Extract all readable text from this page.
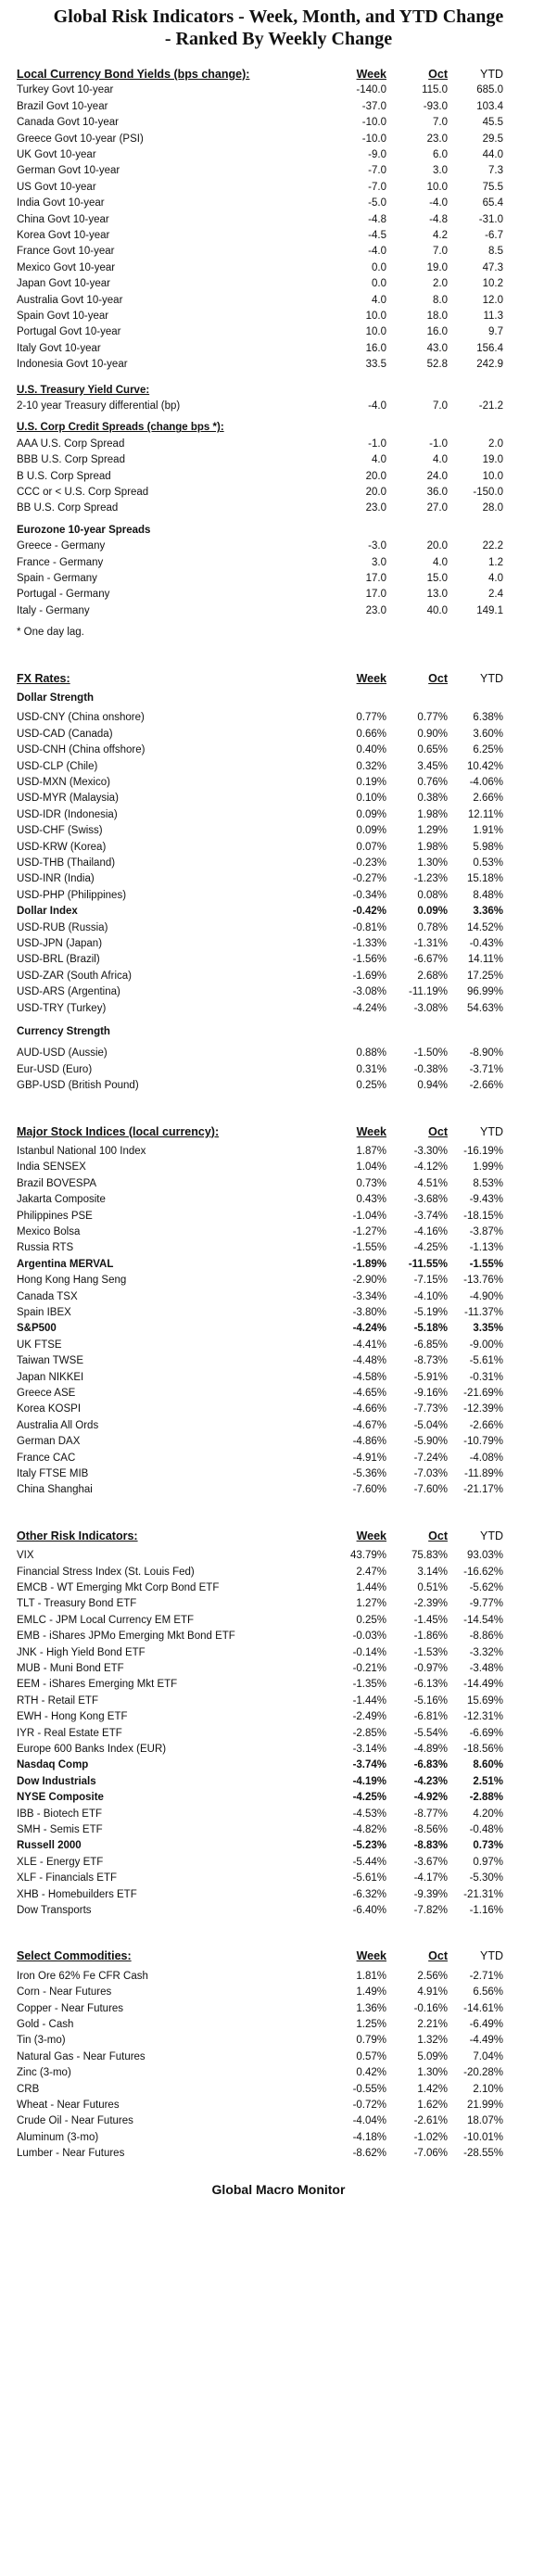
Global Risk Indicators - Week, Month, and YTD Change
- Ranked By Weekly Change
Local Currency Bond Yields (bps change):	Week	Oct	YTD
Turkey Govt 10-year	-140.0	115.0	685.0
Brazil Govt 10-year	-37.0	-93.0	103.4
Canada Govt 10-year	-10.0	7.0	45.5
Greece Govt 10-year (PSI)	-10.0	23.0	29.5
UK Govt 10-year	-9.0	6.0	44.0
German Govt 10-year	-7.0	3.0	7.3
US Govt 10-year	-7.0	10.0	75.5
India Govt 10-year	-5.0	-4.0	65.4
China Govt 10-year	-4.8	-4.8	-31.0
Korea Govt 10-year	-4.5	4.2	-6.7
France Govt 10-year	-4.0	7.0	8.5
Mexico Govt 10-year	0.0	19.0	47.3
Japan Govt 10-year	0.0	2.0	10.2
Australia Govt 10-year	4.0	8.0	12.0
Spain Govt 10-year	10.0	18.0	11.3
Portugal Govt 10-year	10.0	16.0	9.7
Italy Govt 10-year	16.0	43.0	156.4
Indonesia Govt 10-year	33.5	52.8	242.9
U.S. Treasury Yield Curve:
2-10 year Treasury differential (bp)	-4.0	7.0	-21.2
U.S. Corp Credit Spreads (change bps *):
AAA U.S. Corp Spread	-1.0	-1.0	2.0
BBB U.S. Corp Spread	4.0	4.0	19.0
B U.S. Corp Spread	20.0	24.0	10.0
CCC or < U.S. Corp Spread	20.0	36.0	-150.0
BB U.S. Corp Spread	23.0	27.0	28.0
Eurozone 10-year Spreads
Greece - Germany	-3.0	20.0	22.2
France - Germany	3.0	4.0	1.2
Spain - Germany	17.0	15.0	4.0
Portugal - Germany	17.0	13.0	2.4
Italy - Germany	23.0	40.0	149.1
* One day lag.
FX Rates:	Week	Oct	YTD
Dollar Strength
USD-CNY (China onshore)	0.77%	0.77%	6.38%
USD-CAD (Canada)	0.66%	0.90%	3.60%
USD-CNH (China offshore)	0.40%	0.65%	6.25%
USD-CLP (Chile)	0.32%	3.45%	10.42%
USD-MXN (Mexico)	0.19%	0.76%	-4.06%
USD-MYR (Malaysia)	0.10%	0.38%	2.66%
USD-IDR (Indonesia)	0.09%	1.98%	12.11%
USD-CHF (Swiss)	0.09%	1.29%	1.91%
USD-KRW (Korea)	0.07%	1.98%	5.98%
USD-THB (Thailand)	-0.23%	1.30%	0.53%
USD-INR (India)	-0.27%	-1.23%	15.18%
USD-PHP (Philippines)	-0.34%	0.08%	8.48%
Dollar Index	-0.42%	0.09%	3.36%
USD-RUB (Russia)	-0.81%	0.78%	14.52%
USD-JPN (Japan)	-1.33%	-1.31%	-0.43%
USD-BRL (Brazil)	-1.56%	-6.67%	14.11%
USD-ZAR (South Africa)	-1.69%	2.68%	17.25%
USD-ARS (Argentina)	-3.08%	-11.19%	96.99%
USD-TRY (Turkey)	-4.24%	-3.08%	54.63%
Currency Strength
AUD-USD (Aussie)	0.88%	-1.50%	-8.90%
Eur-USD (Euro)	0.31%	-0.38%	-3.71%
GBP-USD (British Pound)	0.25%	0.94%	-2.66%
Major Stock Indices (local currency):	Week	Oct	YTD
Istanbul National 100 Index	1.87%	-3.30%	-16.19%
India SENSEX	1.04%	-4.12%	1.99%
Brazil BOVESPA	0.73%	4.51%	8.53%
Jakarta Composite	0.43%	-3.68%	-9.43%
Philippines PSE	-1.04%	-3.74%	-18.15%
Mexico Bolsa	-1.27%	-4.16%	-3.87%
Russia RTS	-1.55%	-4.25%	-1.13%
Argentina MERVAL	-1.89%	-11.55%	-1.55%
Hong Kong Hang Seng	-2.90%	-7.15%	-13.76%
Canada TSX	-3.34%	-4.10%	-4.90%
Spain IBEX	-3.80%	-5.19%	-11.37%
S&P500	-4.24%	-5.18%	3.35%
UK FTSE	-4.41%	-6.85%	-9.00%
Taiwan TWSE	-4.48%	-8.73%	-5.61%
Japan NIKKEI	-4.58%	-5.91%	-0.31%
Greece ASE	-4.65%	-9.16%	-21.69%
Korea KOSPI	-4.66%	-7.73%	-12.39%
Australia All Ords	-4.67%	-5.04%	-2.66%
German DAX	-4.86%	-5.90%	-10.79%
France CAC	-4.91%	-7.24%	-4.08%
Italy FTSE MIB	-5.36%	-7.03%	-11.89%
China Shanghai	-7.60%	-7.60%	-21.17%
Other Risk Indicators:	Week	Oct	YTD
VIX	43.79%	75.83%	93.03%
Financial Stress Index (St. Louis Fed)	2.47%	3.14%	-16.62%
EMCB - WT Emerging Mkt Corp Bond ETF	1.44%	0.51%	-5.62%
TLT - Treasury Bond ETF	1.27%	-2.39%	-9.77%
EMLC - JPM Local Currency EM ETF	0.25%	-1.45%	-14.54%
EMB - iShares JPMo Emerging Mkt Bond ETF	-0.03%	-1.86%	-8.86%
JNK - High Yield Bond ETF	-0.14%	-1.53%	-3.32%
MUB - Muni Bond ETF	-0.21%	-0.97%	-3.48%
EEM - iShares Emerging Mkt ETF	-1.35%	-6.13%	-14.49%
RTH - Retail ETF	-1.44%	-5.16%	15.69%
EWH - Hong Kong ETF	-2.49%	-6.81%	-12.31%
IYR - Real Estate ETF	-2.85%	-5.54%	-6.69%
Europe 600 Banks Index (EUR)	-3.14%	-4.89%	-18.56%
Nasdaq Comp	-3.74%	-6.83%	8.60%
Dow Industrials	-4.19%	-4.23%	2.51%
NYSE Composite	-4.25%	-4.92%	-2.88%
IBB - Biotech ETF	-4.53%	-8.77%	4.20%
SMH - Semis ETF	-4.82%	-8.56%	-0.48%
Russell 2000	-5.23%	-8.83%	0.73%
XLE - Energy ETF	-5.44%	-3.67%	0.97%
XLF - Financials ETF	-5.61%	-4.17%	-5.30%
XHB - Homebuilders ETF	-6.32%	-9.39%	-21.31%
Dow Transports	-6.40%	-7.82%	-1.16%
Select Commodities:	Week	Oct	YTD
Iron Ore 62% Fe CFR Cash	1.81%	2.56%	-2.71%
Corn - Near Futures	1.49%	4.91%	6.56%
Copper - Near Futures	1.36%	-0.16%	-14.61%
Gold - Cash	1.25%	2.21%	-6.49%
Tin (3-mo)	0.79%	1.32%	-4.49%
Natural Gas - Near Futures	0.57%	5.09%	7.04%
Zinc (3-mo)	0.42%	1.30%	-20.28%
CRB	-0.55%	1.42%	2.10%
Wheat - Near Futures	-0.72%	1.62%	21.99%
Crude Oil - Near Futures	-4.04%	-2.61%	18.07%
Aluminum (3-mo)	-4.18%	-1.02%	-10.01%
Lumber - Near Futures	-8.62%	-7.06%	-28.55%
Global Macro Monitor
